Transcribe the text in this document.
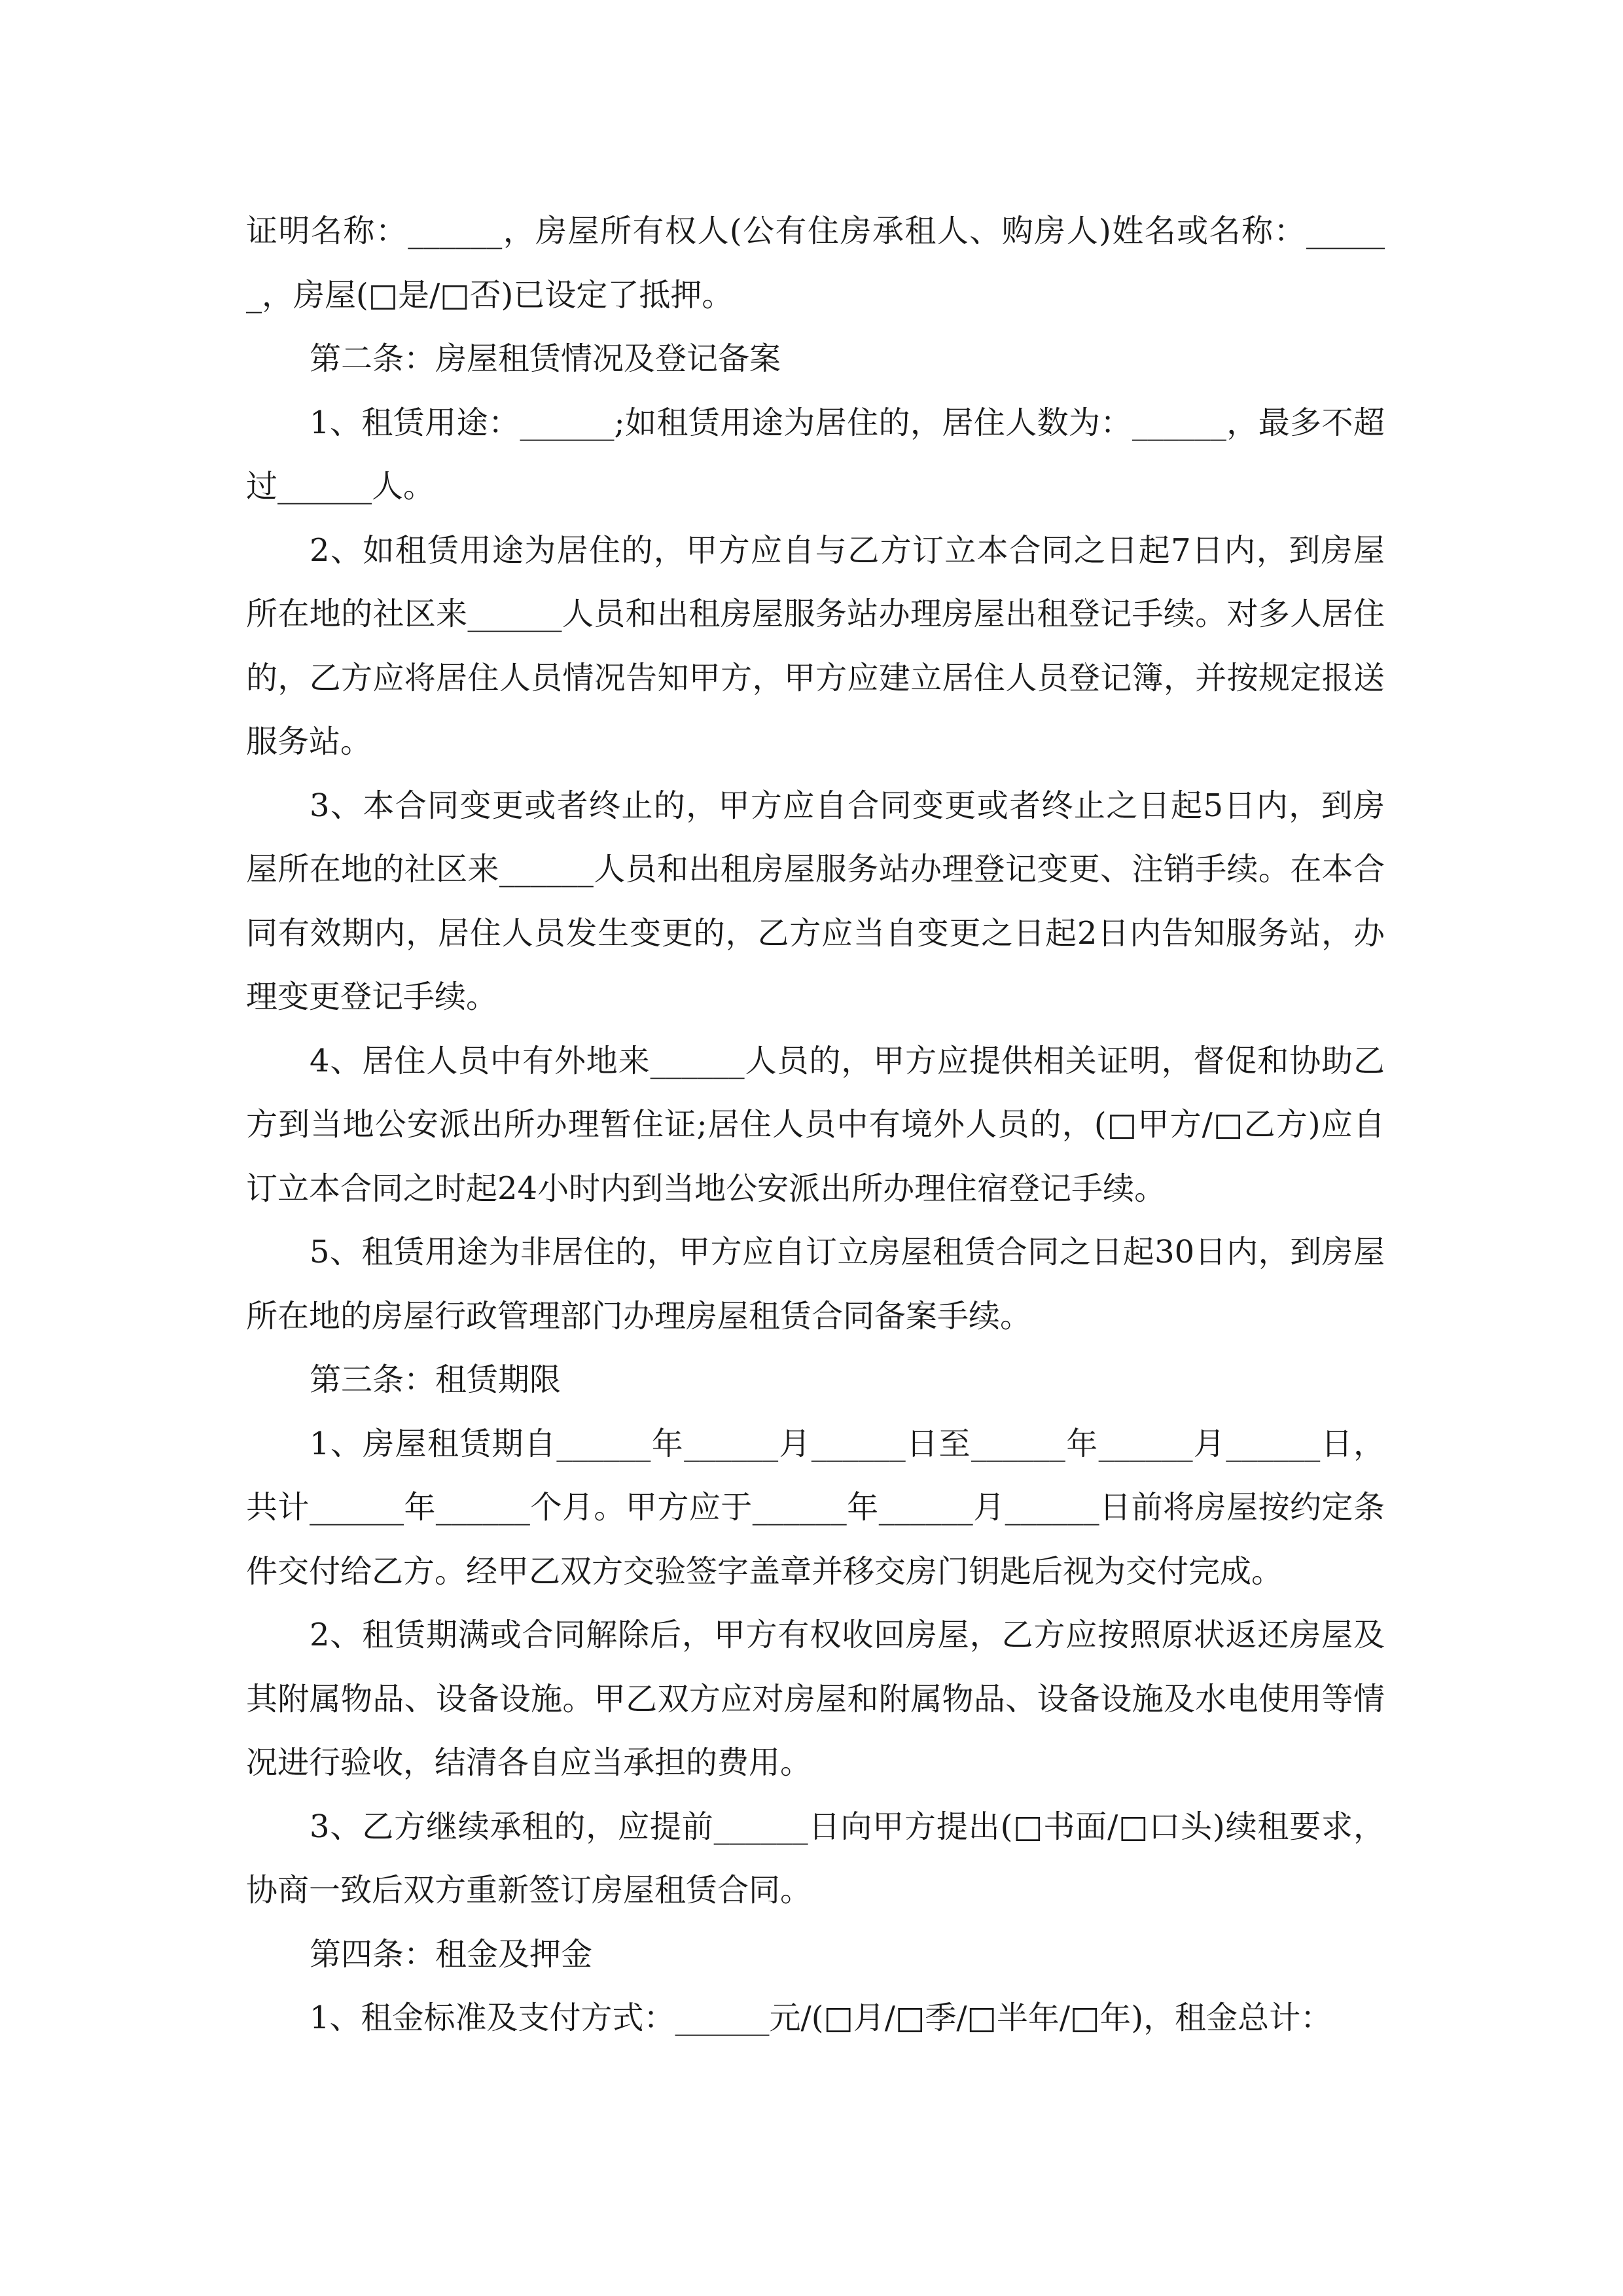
证明名称：______，房屋所有权人(公有住房承租人、购房人)姓名或名称：______，房屋(□是/□否)已设定了抵押。

第二条：房屋租赁情况及登记备案

1、租赁用途：______;如租赁用途为居住的，居住人数为：______，最多不超过______人。

2、如租赁用途为居住的，甲方应自与乙方订立本合同之日起7日内，到房屋所在地的社区来______人员和出租房屋服务站办理房屋出租登记手续。对多人居住的，乙方应将居住人员情况告知甲方，甲方应建立居住人员登记簿，并按规定报送服务站。

3、本合同变更或者终止的，甲方应自合同变更或者终止之日起5日内，到房屋所在地的社区来______人员和出租房屋服务站办理登记变更、注销手续。在本合同有效期内，居住人员发生变更的，乙方应当自变更之日起2日内告知服务站，办理变更登记手续。

4、居住人员中有外地来______人员的，甲方应提供相关证明，督促和协助乙方到当地公安派出所办理暂住证;居住人员中有境外人员的，(□甲方/□乙方)应自订立本合同之时起24小时内到当地公安派出所办理住宿登记手续。

5、租赁用途为非居住的，甲方应自订立房屋租赁合同之日起30日内，到房屋所在地的房屋行政管理部门办理房屋租赁合同备案手续。

第三条：租赁期限

1、房屋租赁期自______年______月______日至______年______月______日，共计______年______个月。甲方应于______年______月______日前将房屋按约定条件交付给乙方。经甲乙双方交验签字盖章并移交房门钥匙后视为交付完成。

2、租赁期满或合同解除后，甲方有权收回房屋，乙方应按照原状返还房屋及其附属物品、设备设施。甲乙双方应对房屋和附属物品、设备设施及水电使用等情况进行验收，结清各自应当承担的费用。

3、乙方继续承租的，应提前______日向甲方提出(□书面/□口头)续租要求，协商一致后双方重新签订房屋租赁合同。

第四条：租金及押金

1、租金标准及支付方式：______元/(□月/□季/□半年/□年)，租金总计：
